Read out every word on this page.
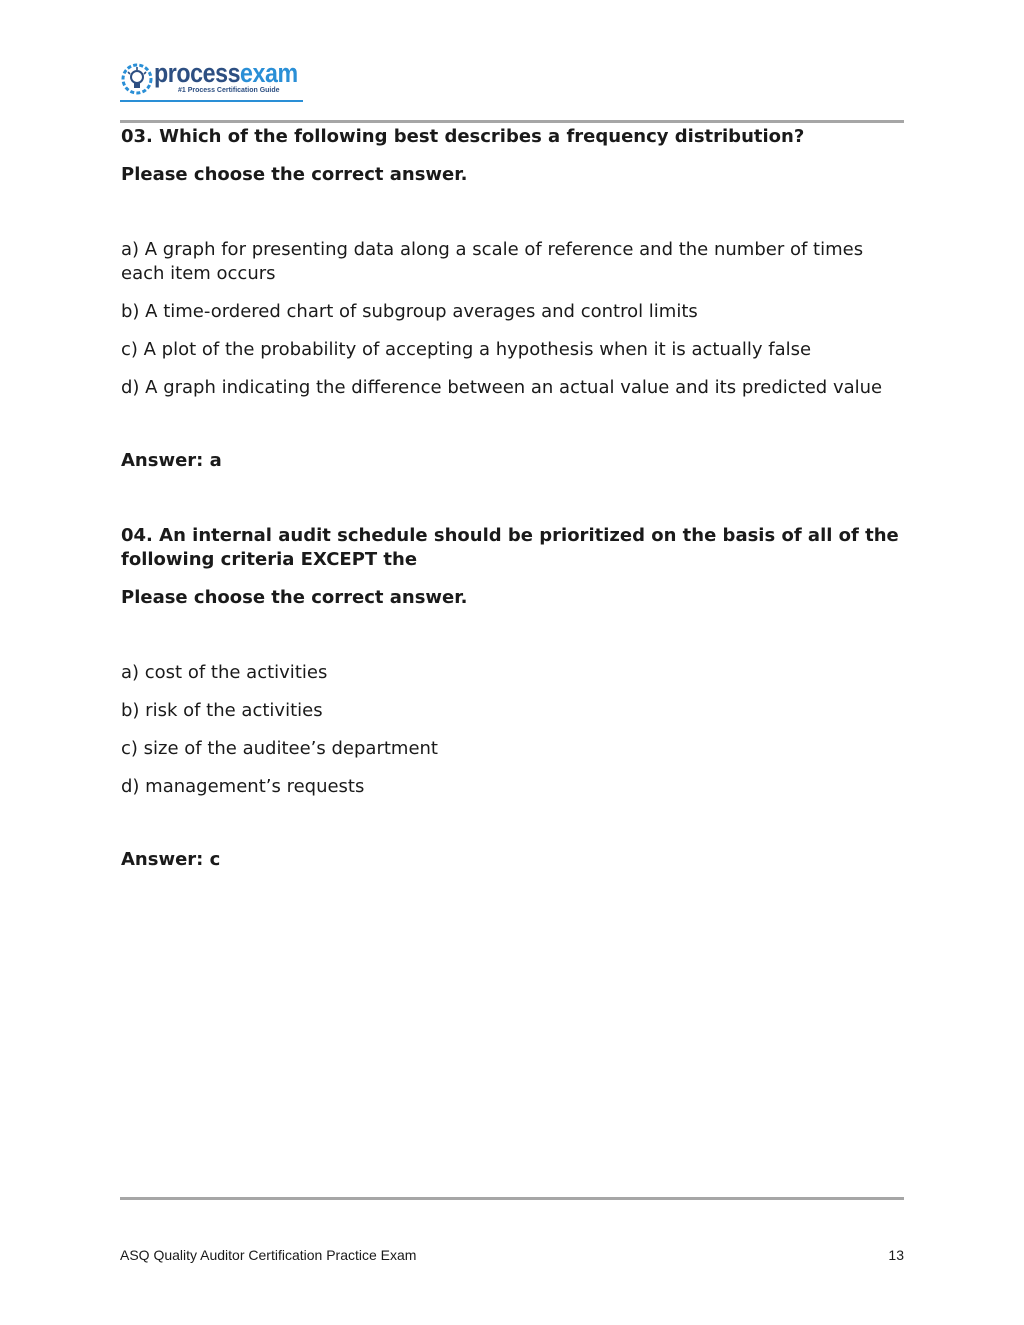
processexam
#1 Process Certification Guide

03. Which of the following best describes a frequency distribution?

Please choose the correct answer.

a) A graph for presenting data along a scale of reference and the number of times each item occurs

b) A time-ordered chart of subgroup averages and control limits

c) A plot of the probability of accepting a hypothesis when it is actually false

d) A graph indicating the difference between an actual value and its predicted value

Answer: a

04. An internal audit schedule should be prioritized on the basis of all of the following criteria EXCEPT the

Please choose the correct answer.

a) cost of the activities

b) risk of the activities

c) size of the auditee’s department

d) management’s requests

Answer: c

ASQ Quality Auditor Certification Practice Exam	13
